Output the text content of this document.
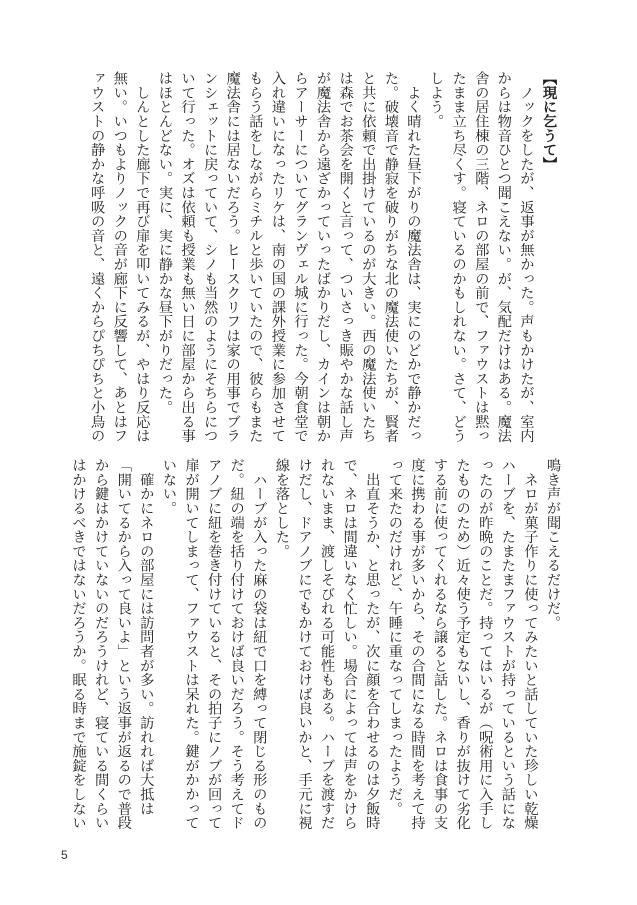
【現に乞うて】
　ノックをしたが、返事が無かった。声もかけたが、室内
からは物音ひとつ聞こえない。が、気配だけはある。魔法
舎の居住棟の三階、ネロの部屋の前で、ファウストは黙っ
たまま立ち尽くす。寝ているのかもしれない。さて、どう
しよう。
　よく晴れた昼下がりの魔法舎は、実にのどかで静かだっ
た。破壊音で静寂を破りがちな北の魔法使いたちが、賢者
と共に依頼で出掛けているのが大きい。西の魔法使いたち
は森でお茶会を開くと言って、ついさっき賑やかな話し声
が魔法舎から遠ざかっていったばかりだし、カインは朝か
らアーサーについてグランヴェル城に行った。今朝食堂で
入れ違いになったリケは、南の国の課外授業に参加させて
もらう話をしながらミチルと歩いていたので、彼らもまた
魔法舎には居ないだろう。ヒースクリフは家の用事でブラ
ンシェットに戻っていて、シノも当然のようにそちらにつ
いて行った。オズは依頼も授業も無い日に部屋から出る事
はほとんどない。実に、実に静かな昼下がりだった。
　しんとした廊下で再び扉を叩いてみるが、やはり反応は
無い。いつもよりノックの音が廊下に反響して、あとはフ
ァウストの静かな呼吸の音と、遠くからぴちぴちと小鳥の
鳴き声が聞こえるだけだ。
　ネロが菓子作りに使ってみたいと話していた珍しい乾燥
ハーブを、たまたまファウストが持っているという話にな
ったのが昨晩のことだ。持ってはいるが（呪術用に入手し
たもののため）近々使う予定もないし、香りが抜けて劣化
する前に使ってくれるなら譲ると話した。ネロは食事の支
度に携わる事が多いから、その合間になる時間を考えて持
って来たのだけれど、午睡に重なってしまったようだ。
　出直そうか、と思ったが、次に顔を合わせるのは夕飯時
で、ネロは間違いなく忙しい。場合によっては声をかけら
れないまま、渡しそびれる可能性もある。ハーブを渡すだ
けだし、ドアノブにでもかけておけば良いかと、手元に視
線を落とした。
　ハーブが入った麻の袋は紐で口を縛って閉じる形のもの
だ。紐の端を括り付けておけば良いだろう。そう考えてド
アノブに紐を巻き付けていると、その拍子にノブが回って
扉が開いてしまって、ファウストは呆れた。鍵がかかって
いない。
　確かにネロの部屋には訪問者が多い。訪れれば大抵は
「開いてるから入って良いよ」という返事が返るので普段
から鍵はかけていないのだろうけれど、寝ている間くらい
はかけるべきではないだろうか。眠る時まで施錠をしない
5
